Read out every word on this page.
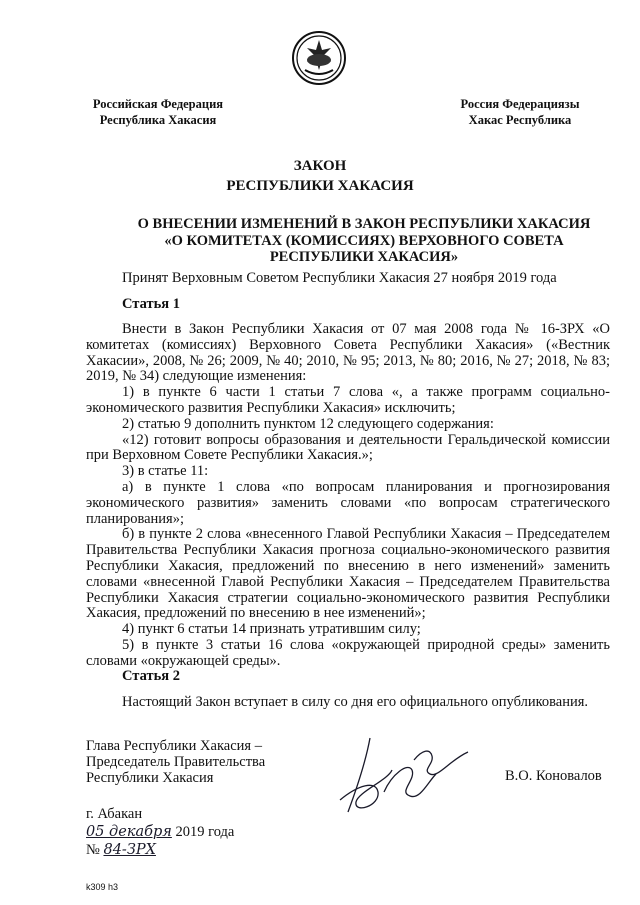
Российская Федерация
Республика Хакасия
Россия Федерациязы
Хакас Республика
ЗАКОН
РЕСПУБЛИКИ ХАКАСИЯ
О ВНЕСЕНИИ ИЗМЕНЕНИЙ В ЗАКОН РЕСПУБЛИКИ ХАКАСИЯ
«О КОМИТЕТАХ (КОМИССИЯХ) ВЕРХОВНОГО СОВЕТА
РЕСПУБЛИКИ ХАКАСИЯ»
Принят Верховным Советом Республики Хакасия 27 ноября 2019 года
Статья 1

Внести в Закон Республики Хакасия от 07 мая 2008 года № 16-ЗРХ «О комитетах (комиссиях) Верховного Совета Республики Хакасия» («Вестник Хакасии», 2008, № 26; 2009, № 40; 2010, № 95; 2013, № 80; 2016, № 27; 2018, № 83; 2019, № 34) следующие изменения:

1) в пункте 6 части 1 статьи 7 слова «, а также программ социально-экономического развития Республики Хакасия» исключить;

2) статью 9 дополнить пунктом 12 следующего содержания:

«12) готовит вопросы образования и деятельности Геральдической комиссии при Верховном Совете Республики Хакасия.»;

3) в статье 11:

а) в пункте 1 слова «по вопросам планирования и прогнозирования экономического развития» заменить словами «по вопросам стратегического планирования»;

б) в пункте 2 слова «внесенного Главой Республики Хакасия – Председателем Правительства Республики Хакасия прогноза социально-экономического развития Республики Хакасия, предложений по внесению в него изменений» заменить словами «внесенной Главой Республики Хакасия – Председателем Правительства Республики Хакасия стратегии социально-экономического развития Республики Хакасия, предложений по внесению в нее изменений»;

4) пункт 6 статьи 14 признать утратившим силу;

5) в пункте 3 статьи 16 слова «окружающей природной среды» заменить словами «окружающей среды».

Статья 2
Настоящий Закон вступает в силу со дня его официального опубликования.
Глава Республики Хакасия –
Председатель Правительства
Республики Хакасия	В.О. Коновалов
г. Абакан
05 декабря 2019 года
№ 84-ЗРХ
k309 h3
